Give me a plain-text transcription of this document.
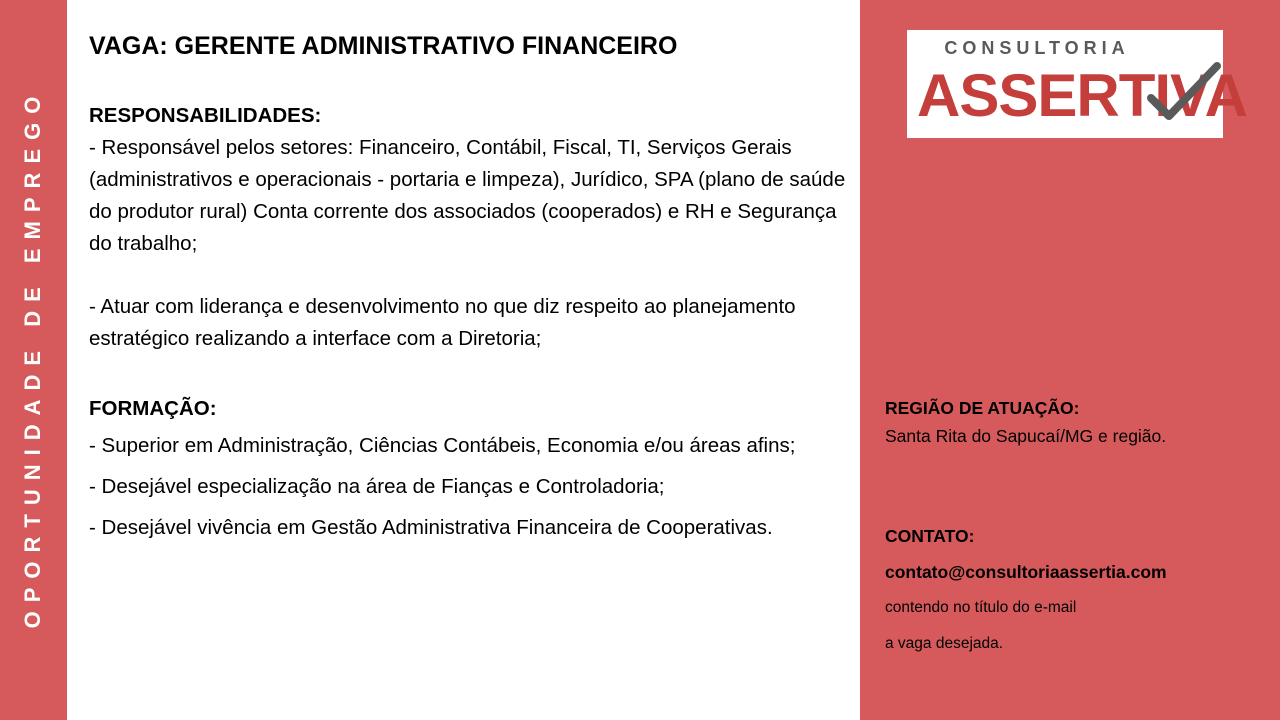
OPORTUNIDADE DE EMPREGO
VAGA: GERENTE ADMINISTRATIVO FINANCEIRO

RESPONSABILIDADES:

- Responsável pelos setores: Financeiro, Contábil, Fiscal, TI, Serviços Gerais (administrativos e operacionais - portaria e limpeza), Jurídico, SPA (plano de saúde do produtor rural) Conta corrente dos associados (cooperados) e RH e Segurança do trabalho;

- Atuar com liderança e desenvolvimento no que diz respeito ao planejamento estratégico realizando a interface com a Diretoria;

FORMAÇÃO:

- Superior em Administração, Ciências Contábeis, Economia e/ou áreas afins;

- Desejável especialização na área de Fianças e Controladoria;

- Desejável vivência em Gestão Administrativa Financeira de Cooperativas.

CONSULTORIA
ASSERTIVA
REGIÃO DE ATUAÇÃO:
Santa Rita do Sapucaí/MG e região.
CONTATO:
contato@consultoriaassertia.com
contendo no título do e-mail
a vaga desejada.
